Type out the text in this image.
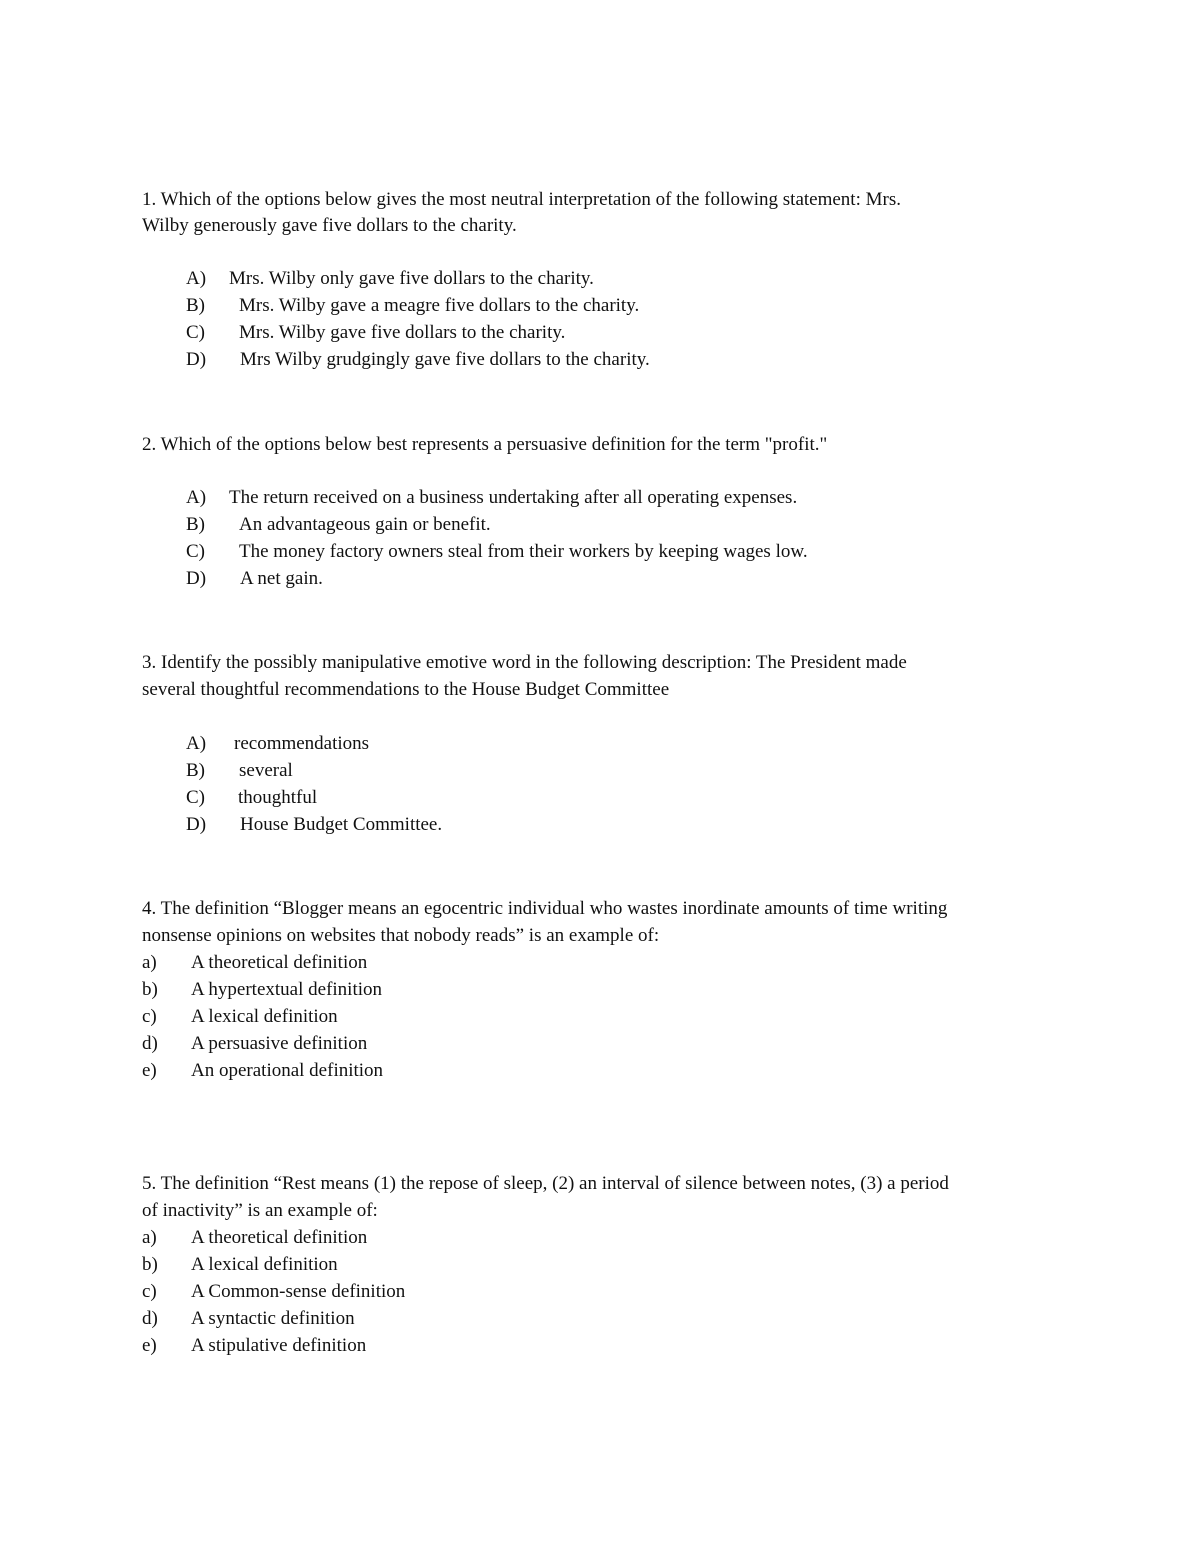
1. Which of the options below gives the most neutral interpretation of the following statement: Mrs.
Wilby generously gave five dollars to the charity.
A) Mrs. Wilby only gave five dollars to the charity.
B) Mrs. Wilby gave a meagre five dollars to the charity.
C) Mrs. Wilby gave five dollars to the charity.
D) Mrs Wilby grudgingly gave five dollars to the charity.
2. Which of the options below best represents a persuasive definition for the term "profit."
A) The return received on a business undertaking after all operating expenses.
B) An advantageous gain or benefit.
C) The money factory owners steal from their workers by keeping wages low.
D) A net gain.
3. Identify the possibly manipulative emotive word in the following description: The President made
several thoughtful recommendations to the House Budget Committee
A) recommendations
B) several
C) thoughtful
D) House Budget Committee.
4. The definition “Blogger means an egocentric individual who wastes inordinate amounts of time writing
nonsense opinions on websites that nobody reads” is an example of:
a) A theoretical definition
b) A hypertextual definition
c) A lexical definition
d) A persuasive definition
e) An operational definition
5. The definition “Rest means (1) the repose of sleep, (2) an interval of silence between notes, (3) a period
of inactivity” is an example of:
a) A theoretical definition
b) A lexical definition
c) A Common-sense definition
d) A syntactic definition
e) A stipulative definition
